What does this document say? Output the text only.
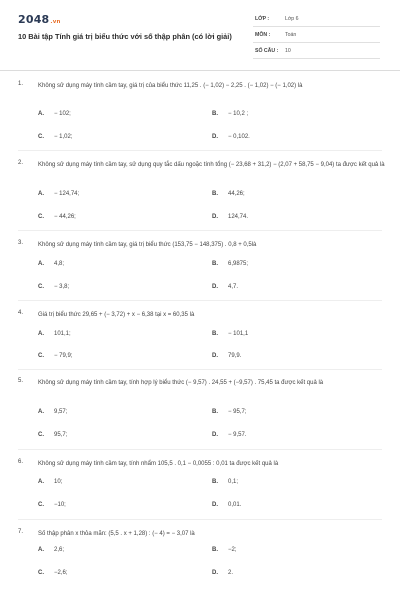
2048.vn
10 Bài tập Tính giá trị biểu thức với số thập phân (có lời giải)
LỚP :	Lớp 6
MÔN :	Toán
SỐ CÂU : 10
1. Không sử dụng máy tính cầm tay, giá trị của biểu thức 11,25 . (− 1,02) − 2,25 . (− 1,02) − (− 1,02) là
A. − 102;	B. − 10,2 ;
C. − 1,02;	D. − 0,102.
2. Không sử dụng máy tính cầm tay, sử dụng quy tắc dấu ngoặc tính tổng (− 23,68 + 31,2) − (2,07 + 58,75 − 9,04) ta được kết quả là
A. − 124,74;	B. 44,26;
C. − 44,26;	D. 124,74.
3. Không sử dụng máy tính cầm tay, giá trị biểu thức (153,75 − 148,375) . 0,8 + 0,5là
A. 4,8;	B. 6,9875;
C. − 3,8;	D. 4,7.
4. Giá trị biểu thức 29,65 + (− 3,72) + x − 6,38 tại x = 60,35 là
A. 101,1;	B. − 101,1
C. − 79,9;	D. 79,9.
5. Không sử dụng máy tính cầm tay, tính hợp lý biểu thức (− 9,57) . 24,55 + (−9,57) . 75,45 ta được kết quả là
A. 9,57;	B. − 95,7;
C. 95,7;	D. − 9,57.
6. Không sử dụng máy tính cầm tay, tính nhẩm 105,5 . 0,1 − 0,0055 : 0,01 ta được kết quả là
A. 10;	B. 0,1;
C. −10;	D. 0,01.
7. Số thập phân x thỏa mãn: (5,5 . x + 1,28) : (− 4) = − 3,07 là
A. 2,6;	B. −2;
C. −2,6;	D. 2.
